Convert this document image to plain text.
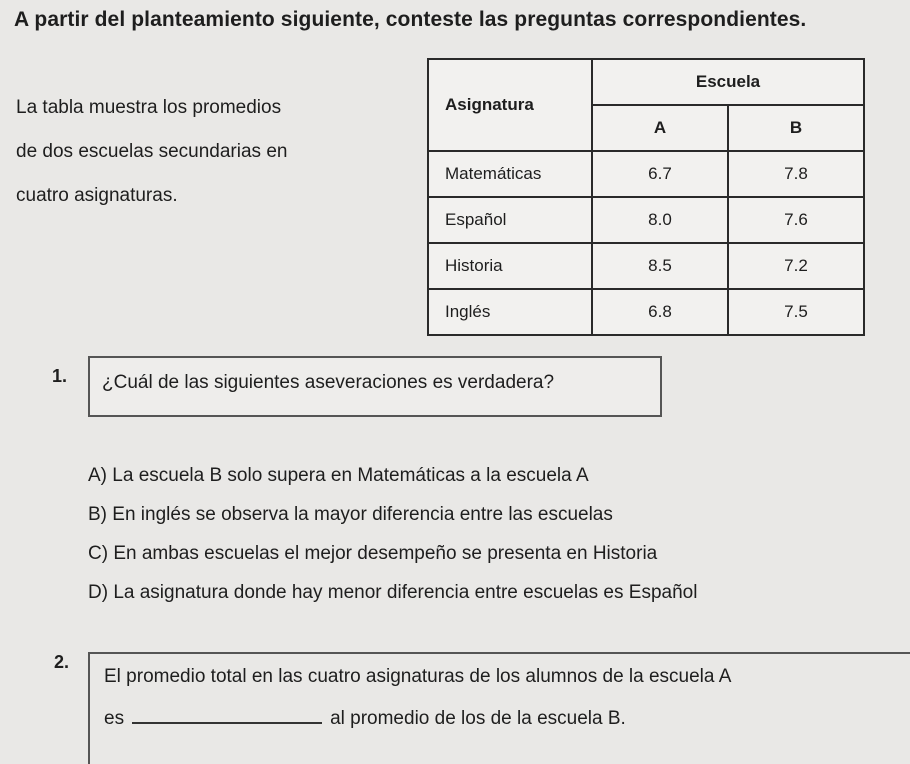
A partir del planteamiento siguiente, conteste las preguntas correspondientes.
La tabla muestra los promedios
de dos escuelas secundarias en
cuatro asignaturas.
Asignatura	Escuela	
	A	B
Matemáticas	6.7	7.8
Español	8.0	7.6
Historia	8.5	7.2
Inglés	6.8	7.5
1. ¿Cuál de las siguientes aseveraciones es verdadera?
A) La escuela B solo supera en Matemáticas a la escuela A
B) En inglés se observa la mayor diferencia entre las escuelas
C) En ambas escuelas el mejor desempeño se presenta en Historia
D) La asignatura donde hay menor diferencia entre escuelas es Español
2.
El promedio total en las cuatro asignaturas de los alumnos de la escuela A
es	al promedio de los de la escuela B.
